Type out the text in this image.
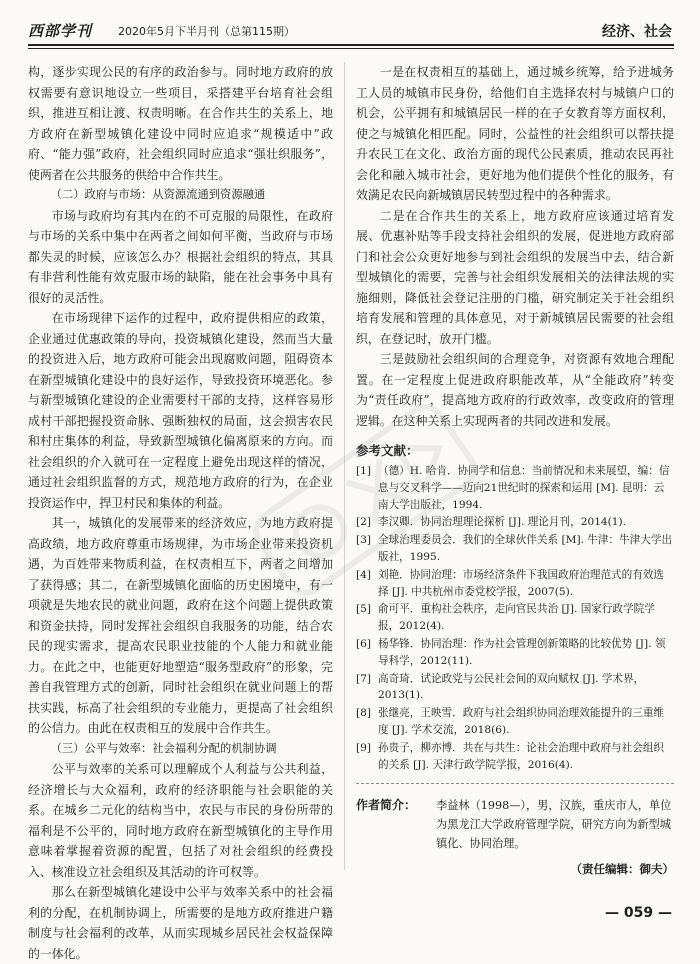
西部学刊 2020年5月下半月刊（总第115期）	经济、社会

构，逐步实现公民的有序的政治参与。同时地方政府的放权需要有意识地设立一些项目，采搭建平台培育社会组织，推进互相让渡、权责明晰。在合作共生的关系上，地方政府在新型城镇化建设中同时应追求“规模适中”政府、“能力强”政府，社会组织同时应追求“强壮织服务”，使两者在公共服务的供给中合作共生。

（二）政府与市场：从资源流通到资源融通

市场与政府均有其内在的不可克服的局限性，在政府与市场的关系中集中在两者之间如何平衡，当政府与市场都失灵的时候，应该怎么办？根据社会组织的特点，其具有非营利性能有效克服市场的缺陷，能在社会事务中具有很好的灵活性。

在市场现律下运作的过程中，政府提供相应的政策，企业通过优惠政策的导向，投资城镇化建设，然而当大量的投资进入后，地方政府可能会出现腐败问题，阻碍资本在新型城镇化建设中的良好运作，导致投资环境恶化。参与新型城镇化建设的企业需要村干部的支持，这样容易形成村干部把握投资命脉、强断独权的局面，这会损害农民和村庄集体的利益，导致新型城镇化偏离原来的方向。而社会组织的介入就可在一定程度上避免出现这样的情况，通过社会组织监督的方式，规范地方政府的行为，在企业投资运作中，捍卫村民和集体的利益。

其一，城镇化的发展带来的经济效应，为地方政府提高政绩，地方政府尊重市场规律，为市场企业带来投资机遇，为百姓带来物质利益，在权责相互下，两者之间增加了获得感；其二，在新型城镇化面临的历史困境中，有一项就是失地农民的就业问题，政府在这个问题上提供政策和资金扶持，同时发挥社会组织自我服务的功能，结合农民的现实需求，提高农民职业技能的个人能力和就业能力。在此之中，也能更好地塑造“服务型政府”的形象，完善自我管理方式的创新，同时社会组织在就业问题上的帮扶实践，标高了社会组织的专业能力，更提高了社会组织的公信力。由此在权责相互的发展中合作共生。

（三）公平与效率：社会福利分配的机制协调

公平与效率的关系可以理解成个人利益与公共利益，经济增长与大众福利，政府的经济职能与社会职能的关系。在城乡二元化的结构当中，农民与市民的身份所带的福利是不公平的，同时地方政府在新型城镇化的主导作用意味着掌握着资源的配置，包括了对社会组织的经费投入、核准设立社会组织及其活动的许可权等。

那么在新型城镇化建设中公平与效率关系中的社会福利的分配，在机制协调上，所需要的是地方政府推进户籍制度与社会福利的改革，从而实现城乡居民社会权益保障的一体化。

一是在权责相互的基础上，通过城乡统筹，给予进城务工人员的城镇市民身份，给他们自主选择农村与城镇户口的机会，公平拥有和城镇居民一样的在子女教育等方面权利，使之与城镇化相匹配。同时，公益性的社会组织可以帮扶提升农民工在文化、政治方面的现代公民素质，推动农民再社会化和融入城市社会，更好地为他们提供个性化的服务，有效满足农民向新城镇居民转型过程中的各种需求。

二是在合作共生的关系上，地方政府应该通过培育发展、优惠补贴等手段支持社会组织的发展，促进地方政府部门和社会公众更好地参与到社会组织的发展当中去，结合新型城镇化的需要，完善与社会组织发展相关的法律法规的实施细则，降低社会登记注册的门槛，研究制定关于社会组织培育发展和管理的具体意见，对于新城镇居民需要的社会组织，在登记时，放开门槛。

三是鼓励社会组织间的合理竞争，对资源有效地合理配置。在一定程度上促进政府职能改革，从“全能政府”转变为“责任政府”，提高地方政府的行政效率，改变政府的管理逻辑。在这种关系上实现两者的共同改进和发展。

参考文献：
[1] （德）H. 哈肯．协同学和信息：当前情况和未来展望，编：信息与交叉科学——迈向21世纪时的探索和运用 [M]. 昆明：云南大学出版社，1994.
[2] 李汉卿．协同治理理论探析 [J]. 理论月刊，2014(1).
[3] 全球治理委员会．我们的全球伙伴关系 [M]. 牛津：牛津大学出版社，1995.
[4] 刘艳．协同治理：市场经济条件下我国政府治理范式的有效选择 [J]. 中共杭州市委党校学报，2007(5).
[5] 俞可平．重构社会秩序，走向官民共治 [J]. 国家行政学院学报，2012(4).
[6] 杨华锋．协同治理：作为社会管理创新策略的比较优势 [J]. 领导科学，2012(11).
[7] 高奇琦．试论政党与公民社会间的双向赋权 [J]. 学术界，2013(1).
[8] 张继亮，王映雪．政府与社会组织协同治理效能提升的三重维度 [J]. 学术交流，2018(6).
[9] 孙贵子，柳亦博．共在与共生：论社会治理中政府与社会组织的关系 [J]. 天津行政学院学报，2016(4).
作者简介：	李益林（1998—），男，汉族，重庆市人，单位为黑龙江大学政府管理学院，研究方向为新型城镇化、协同治理。
（责任编辑：御夫）
— 059 —
